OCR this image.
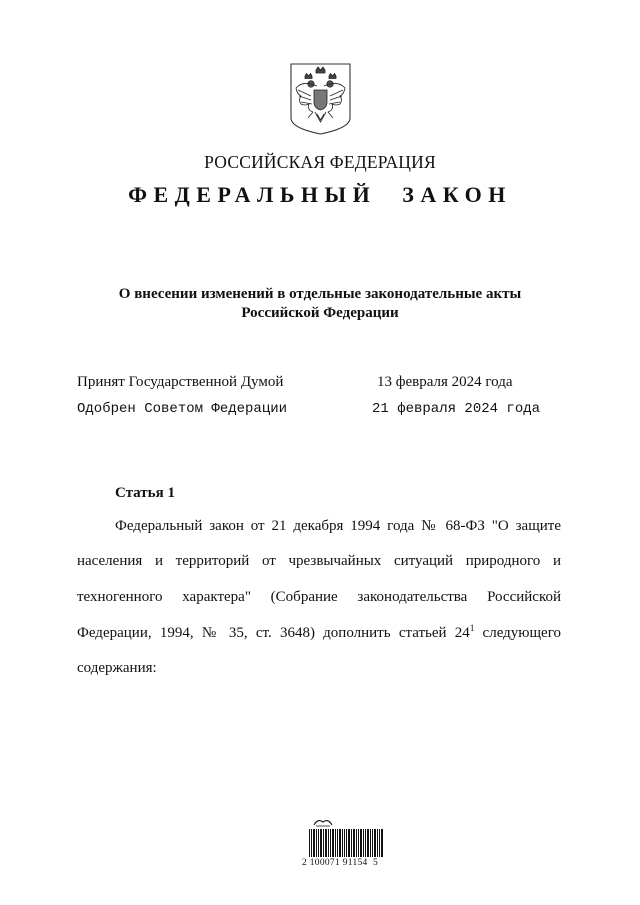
РОССИЙСКАЯ ФЕДЕРАЦИЯ
ФЕДЕРАЛЬНЫЙ ЗАКОН
О внесении изменений в отдельные законодательные акты
Российской Федерации
Принят Государственной Думой	13 февраля 2024 года
Одобрен Советом Федерации	21 февраля 2024 года
Статья 1
Федеральный закон от 21 декабря 1994 года № 68-ФЗ "О защите
населения и территорий от чрезвычайных ситуаций природного и
техногенного характера" (Собрание законодательства Российской
Федерации, 1994, № 35, ст. 3648) дополнить статьей $24^1$ следующего
содержания:
2 100071 91154  5
